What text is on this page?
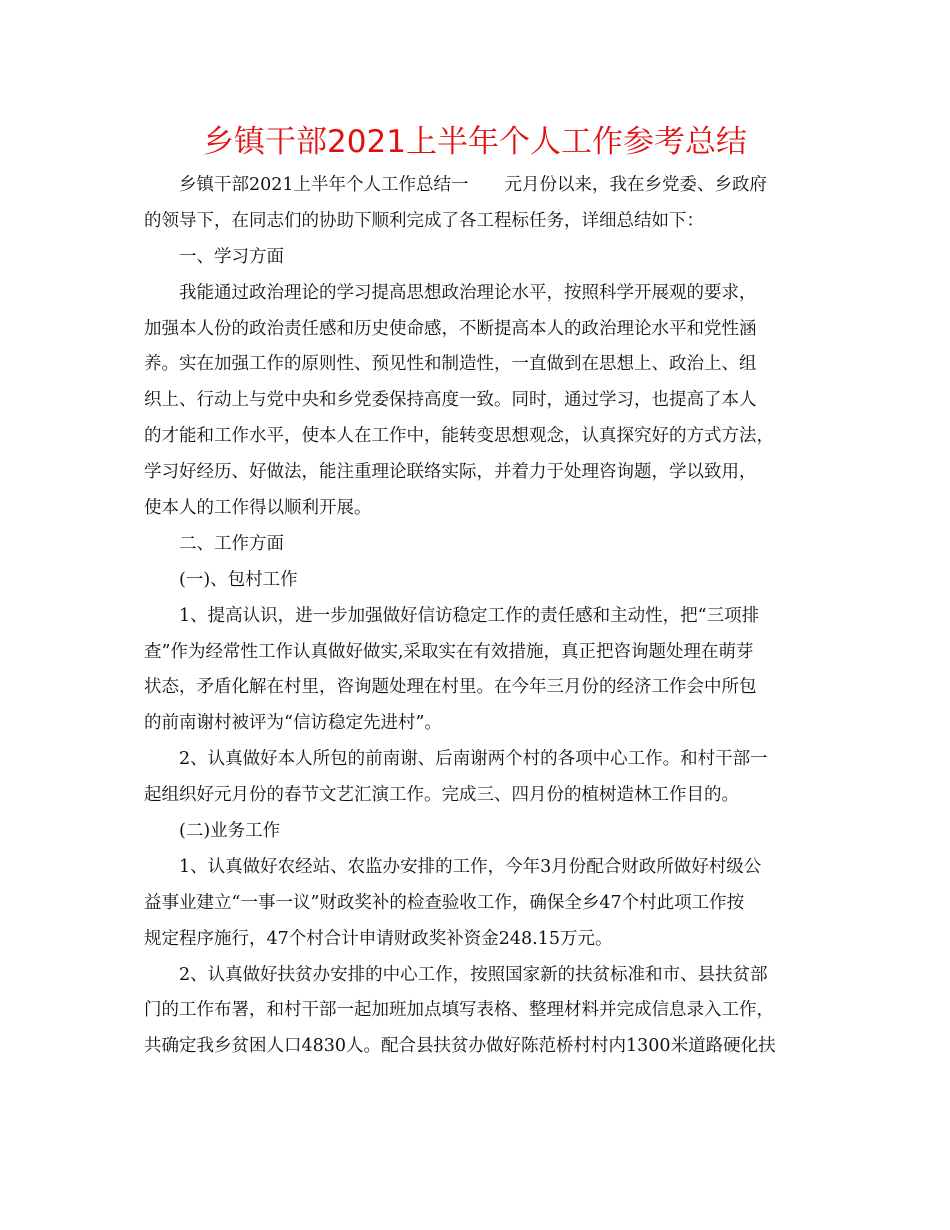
乡镇干部2021上半年个人工作参考总结
乡镇干部2021上半年个人工作总结一 元月份以来，我在乡党委、乡政府
的领导下，在同志们的协助下顺利完成了各工程标任务，详细总结如下：
一、学习方面
我能通过政治理论的学习提高思想政治理论水平，按照科学开展观的要求，
加强本人份的政治责任感和历史使命感，不断提高本人的政治理论水平和党性涵
养。实在加强工作的原则性、预见性和制造性，一直做到在思想上、政治上、组
织上、行动上与党中央和乡党委保持高度一致。同时，通过学习，也提高了本人
的才能和工作水平，使本人在工作中，能转变思想观念，认真探究好的方式方法，
学习好经历、好做法，能注重理论联络实际，并着力于处理咨询题，学以致用，
使本人的工作得以顺利开展。
二、工作方面
(一)、包村工作
1、提高认识，进一步加强做好信访稳定工作的责任感和主动性，把“三项排
查”作为经常性工作认真做好做实,采取实在有效措施，真正把咨询题处理在萌芽
状态，矛盾化解在村里，咨询题处理在村里。在今年三月份的经济工作会中所包
的前南谢村被评为“信访稳定先进村”。
2、认真做好本人所包的前南谢、后南谢两个村的各项中心工作。和村干部一
起组织好元月份的春节文艺汇演工作。完成三、四月份的植树造林工作目的。
(二)业务工作
1、认真做好农经站、农监办安排的工作，今年3月份配合财政所做好村级公
益事业建立“一事一议”财政奖补的检查验收工作，确保全乡47个村此项工作按
规定程序施行，47个村合计申请财政奖补资金248.15万元。
2、认真做好扶贫办安排的中心工作，按照国家新的扶贫标准和市、县扶贫部
门的工作布署，和村干部一起加班加点填写表格、整理材料并完成信息录入工作，
共确定我乡贫困人口4830人。配合县扶贫办做好陈范桥村村内1300米道路硬化扶
